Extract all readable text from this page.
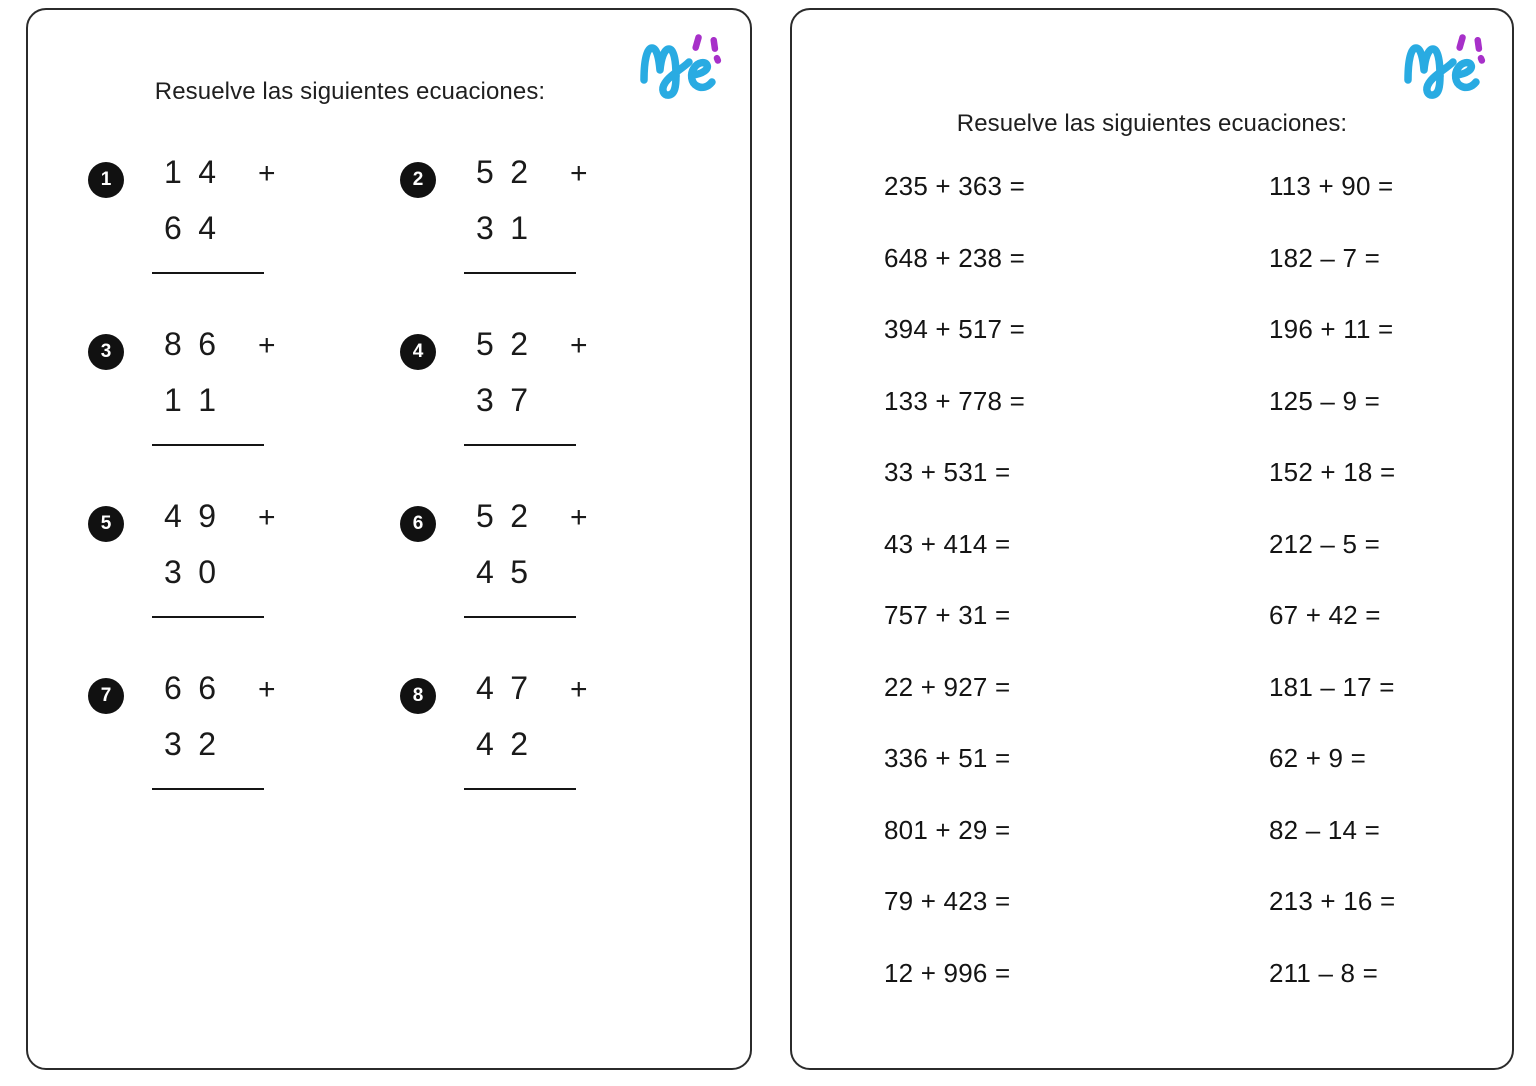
Resuelve las siguientes ecuaciones:
1	1 4 +
6 4
2	5 2 +
3 1
3	8 6 +
1 1
4	5 2 +
3 7
5	4 9 +
3 0
6	5 2 +
4 5
7	6 6 +
3 2
8	4 7 +
4 2
Resuelve las siguientes ecuaciones:
235 + 363 =	113 + 90 =
648 + 238 =	182 – 7 =
394 + 517 =	196 + 11 =
133 + 778 =	125 – 9 =
33 + 531 =	152 + 18 =
43 + 414 =	212 – 5 =
757 + 31 =	67 + 42 =
22 + 927 =	181 – 17 =
336 + 51 =	62 + 9 =
801 + 29 =	82 – 14 =
79 + 423 =	213 + 16 =
12 + 996 =	211 – 8 =
